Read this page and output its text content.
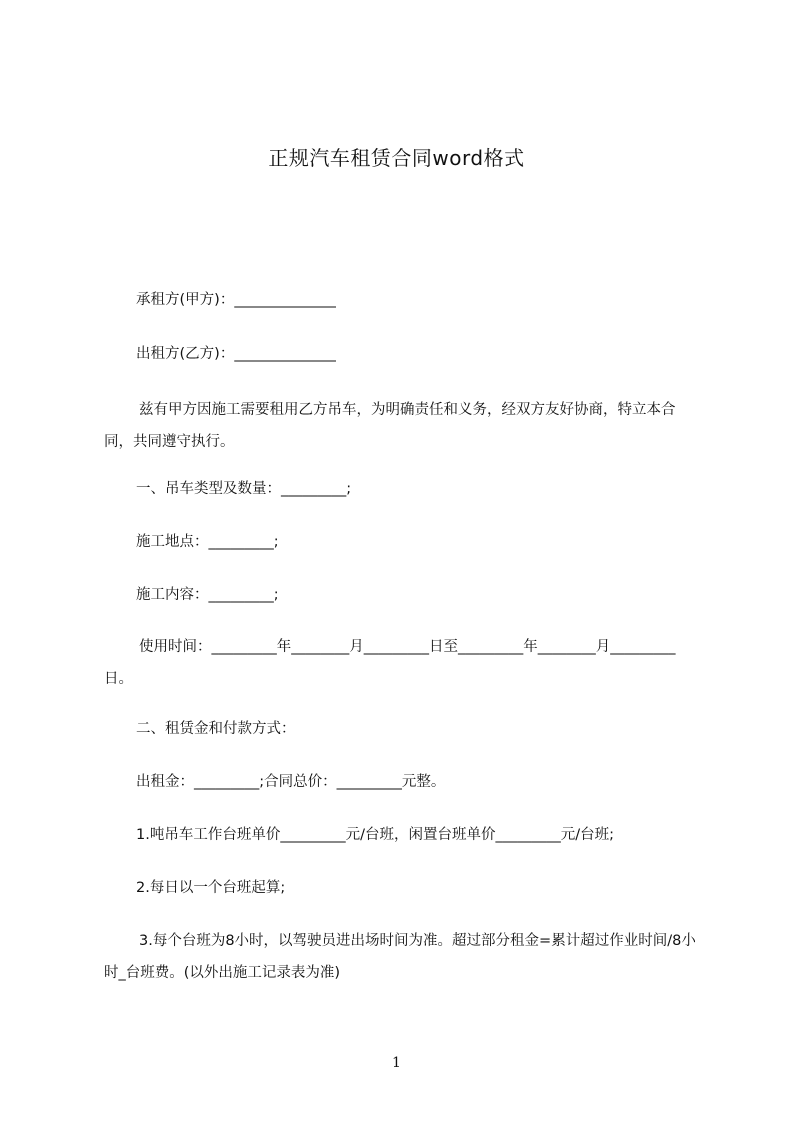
正规汽车租赁合同word格式
承租方(甲方)：______________
出租方(乙方)：______________
兹有甲方因施工需要租用乙方吊车，为明确责任和义务，经双方友好协商，特立本合同，共同遵守执行。
一、吊车类型及数量：_________;
施工地点：_________;
施工内容：_________;
使用时间：_________年________月_________日至_________年________月_________日。
二、租赁金和付款方式：
出租金：_________;合同总价：_________元整。
1.吨吊车工作台班单价_________元/台班，闲置台班单价_________元/台班;
2.每日以一个台班起算;
3.每个台班为8小时，以驾驶员进出场时间为准。超过部分租金=累计超过作业时间/8小时_台班费。(以外出施工记录表为准)
1
